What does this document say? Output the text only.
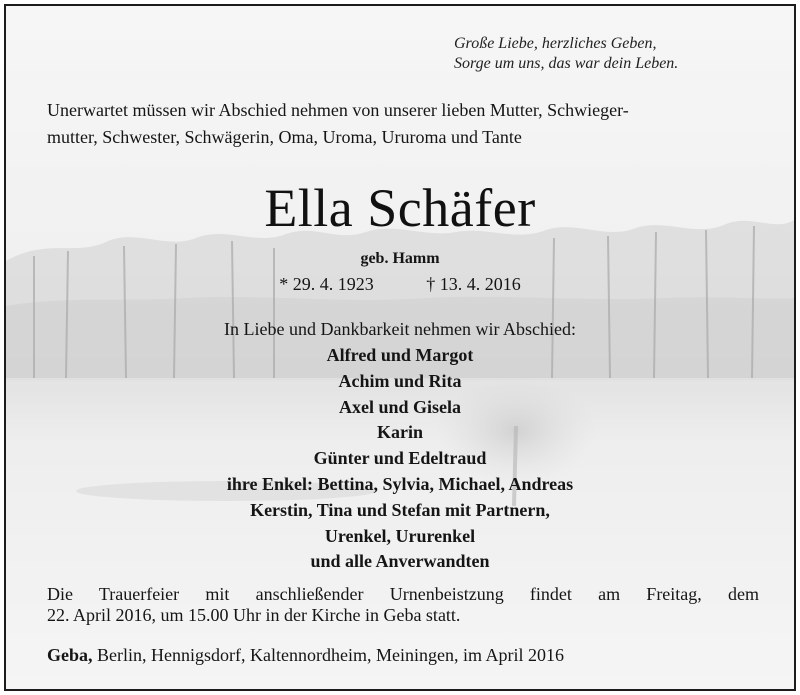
Große Liebe, herzliches Geben,
Sorge um uns, das war dein Leben.
Unerwartet müssen wir Abschied nehmen von unserer lieben Mutter, Schwieger-
mutter, Schwester, Schwägerin, Oma, Uroma, Ururoma und Tante
Ella Schäfer
geb. Hamm
* 29. 4. 1923	† 13. 4. 2016
In Liebe und Dankbarkeit nehmen wir Abschied:
Alfred und Margot
Achim und Rita
Axel und Gisela
Karin
Günter und Edeltraud
ihre Enkel: Bettina, Sylvia, Michael, Andreas
Kerstin, Tina und Stefan mit Partnern,
Urenkel, Ururenkel
und alle Anverwandten
Die Trauerfeier mit anschließender Urnenbeistzung findet am Freitag, dem
22. April 2016, um 15.00 Uhr in der Kirche in Geba statt.
Geba, Berlin, Hennigsdorf, Kaltennordheim, Meiningen, im April 2016
